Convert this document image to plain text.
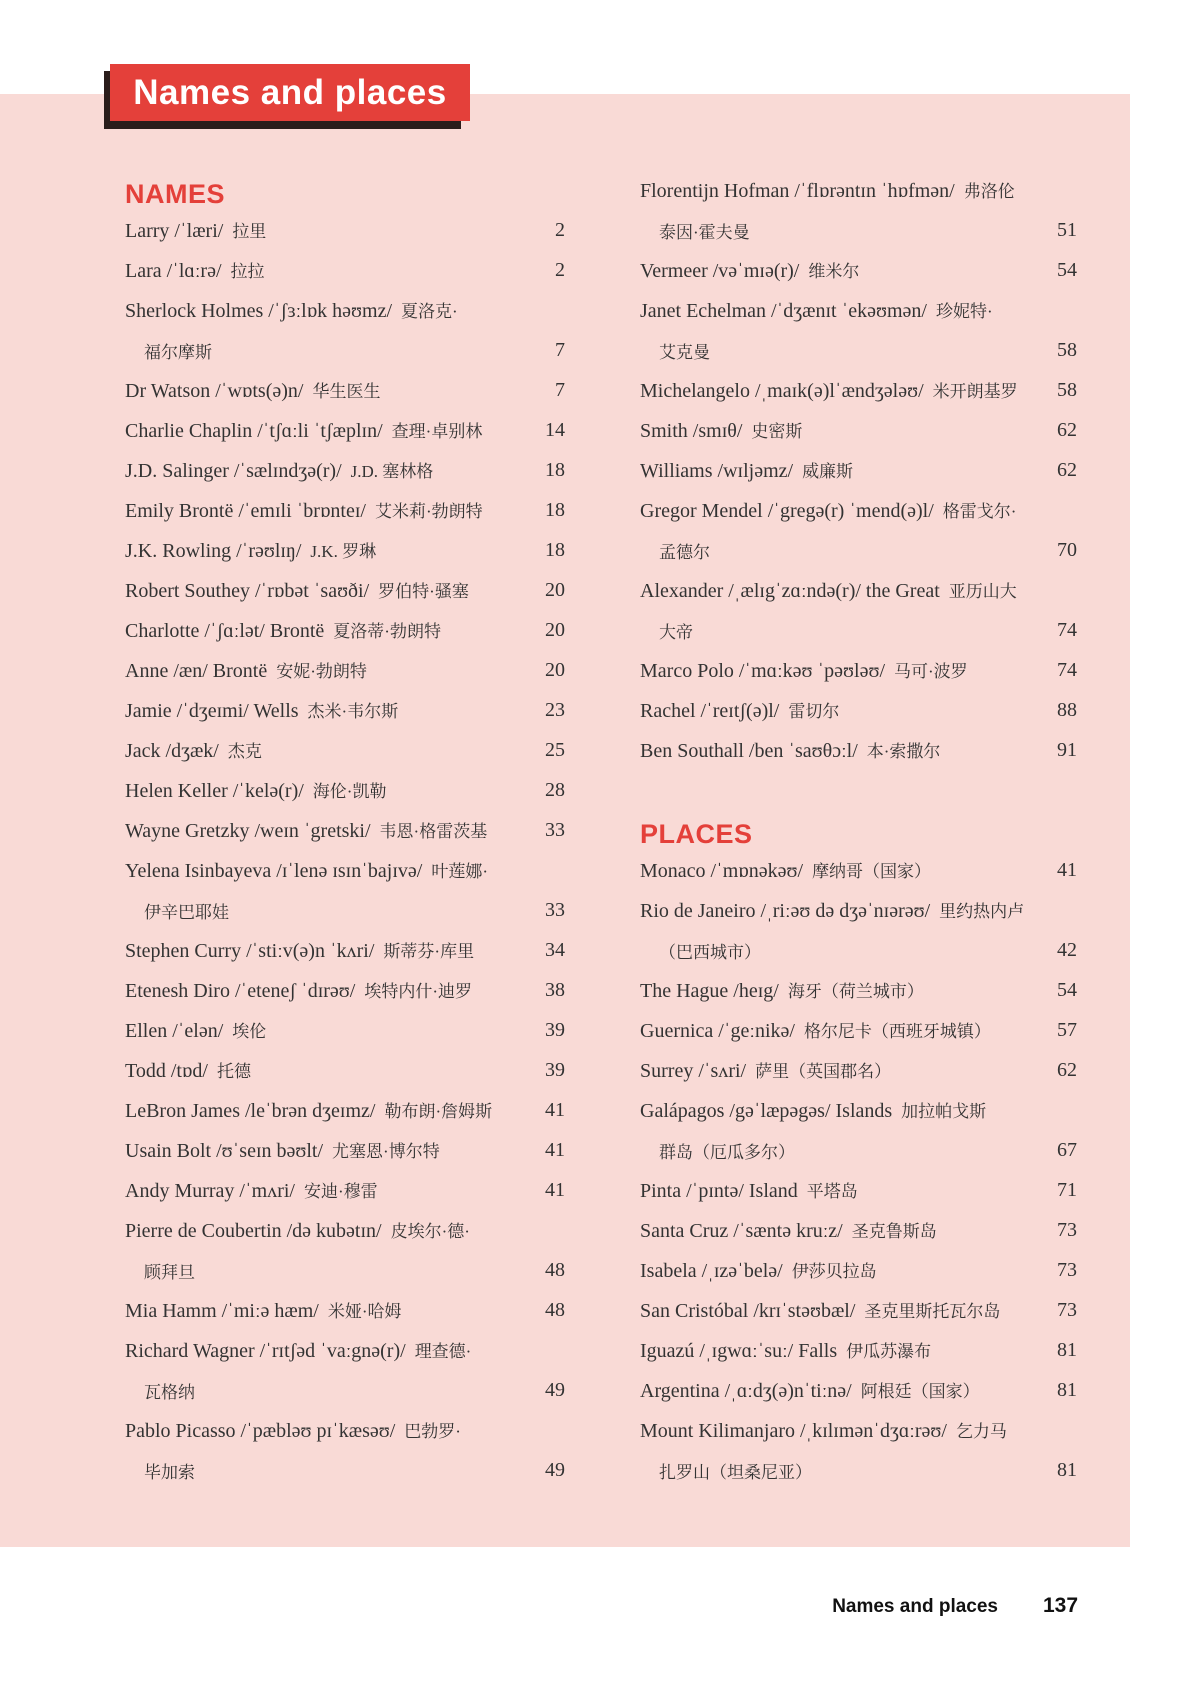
Names and places
NAMES
Larry /ˈlæri/ 拉里	2
Lara /ˈlɑːrə/ 拉拉	2
Sherlock Holmes /ˈʃɜːlɒk həʊmz/ 夏洛克·
福尔摩斯	7
Dr Watson /ˈwɒts(ə)n/ 华生医生	7
Charlie Chaplin /ˈtʃɑːli ˈtʃæplɪn/ 查理·卓别林	14
J.D. Salinger /ˈsælɪndʒə(r)/ J.D. 塞林格	18
Emily Brontë /ˈemɪli ˈbrɒnteɪ/ 艾米莉·勃朗特	18
J.K. Rowling /ˈrəʊlɪŋ/ J.K. 罗琳	18
Robert Southey /ˈrɒbət ˈsaʊði/ 罗伯特·骚塞	20
Charlotte /ˈʃɑːlət/ Brontë 夏洛蒂·勃朗特	20
Anne /æn/ Brontë 安妮·勃朗特	20
Jamie /ˈdʒeɪmi/ Wells 杰米·韦尔斯	23
Jack /dʒæk/ 杰克	25
Helen Keller /ˈkelə(r)/ 海伦·凯勒	28
Wayne Gretzky /weɪn ˈgretski/ 韦恩·格雷茨基	33
Yelena Isinbayeva /ɪˈlenə ɪsɪnˈbajɪvə/ 叶莲娜·
伊辛巴耶娃	33
Stephen Curry /ˈstiːv(ə)n ˈkʌri/ 斯蒂芬·库里	34
Etenesh Diro /ˈeteneʃ ˈdɪrəʊ/ 埃特内什·迪罗	38
Ellen /ˈelən/ 埃伦	39
Todd /tɒd/ 托德	39
LeBron James /leˈbrən dʒeɪmz/ 勒布朗·詹姆斯	41
Usain Bolt /ʊˈseɪn bəʊlt/ 尤塞恩·博尔特	41
Andy Murray /ˈmʌri/ 安迪·穆雷	41
Pierre de Coubertin /də kubətɪn/ 皮埃尔·德·
顾拜旦	48
Mia Hamm /ˈmiːə hæm/ 米娅·哈姆	48
Richard Wagner /ˈrɪtʃəd ˈvaːgnə(r)/ 理查德·
瓦格纳	49
Pablo Picasso /ˈpæbləʊ pɪˈkæsəʊ/ 巴勃罗·
毕加索	49
Florentijn Hofman /ˈflɒrəntɪn ˈhɒfmən/ 弗洛伦
泰因·霍夫曼	51
Vermeer /vəˈmɪə(r)/ 维米尔	54
Janet Echelman /ˈdʒænɪt ˈekəʊmən/ 珍妮特·
艾克曼	58
Michelangelo /ˌmaɪk(ə)lˈændʒələʊ/ 米开朗基罗	58
Smith /smɪθ/ 史密斯	62
Williams /wɪljəmz/ 威廉斯	62
Gregor Mendel /ˈgregə(r) ˈmend(ə)l/ 格雷戈尔·
孟德尔	70
Alexander /ˌælɪgˈzɑːndə(r)/ the Great 亚历山大
大帝	74
Marco Polo /ˈmɑːkəʊ ˈpəʊləʊ/ 马可·波罗	74
Rachel /ˈreɪtʃ(ə)l/ 雷切尔	88
Ben Southall /ben ˈsaʊθɔːl/ 本·索撒尔	91
PLACES
Monaco /ˈmɒnəkəʊ/ 摩纳哥（国家）	41
Rio de Janeiro /ˌriːəʊ də dʒəˈnɪərəʊ/ 里约热内卢
（巴西城市）	42
The Hague /heɪg/ 海牙（荷兰城市）	54
Guernica /ˈgeːnikə/ 格尔尼卡（西班牙城镇）	57
Surrey /ˈsʌri/ 萨里（英国郡名）	62
Galápagos /gəˈlæpəgəs/ Islands 加拉帕戈斯
群岛（厄瓜多尔）	67
Pinta /ˈpɪntə/ Island 平塔岛	71
Santa Cruz /ˈsæntə kruːz/ 圣克鲁斯岛	73
Isabela /ˌɪzəˈbelə/ 伊莎贝拉岛	73
San Cristóbal /krɪˈstəʊbæl/ 圣克里斯托瓦尔岛	73
Iguazú /ˌɪgwɑːˈsuː/ Falls 伊瓜苏瀑布	81
Argentina /ˌɑːdʒ(ə)nˈtiːnə/ 阿根廷（国家）	81
Mount Kilimanjaro /ˌkɪlɪmənˈdʒɑːrəʊ/ 乞力马
扎罗山（坦桑尼亚）	81
Names and places 137
